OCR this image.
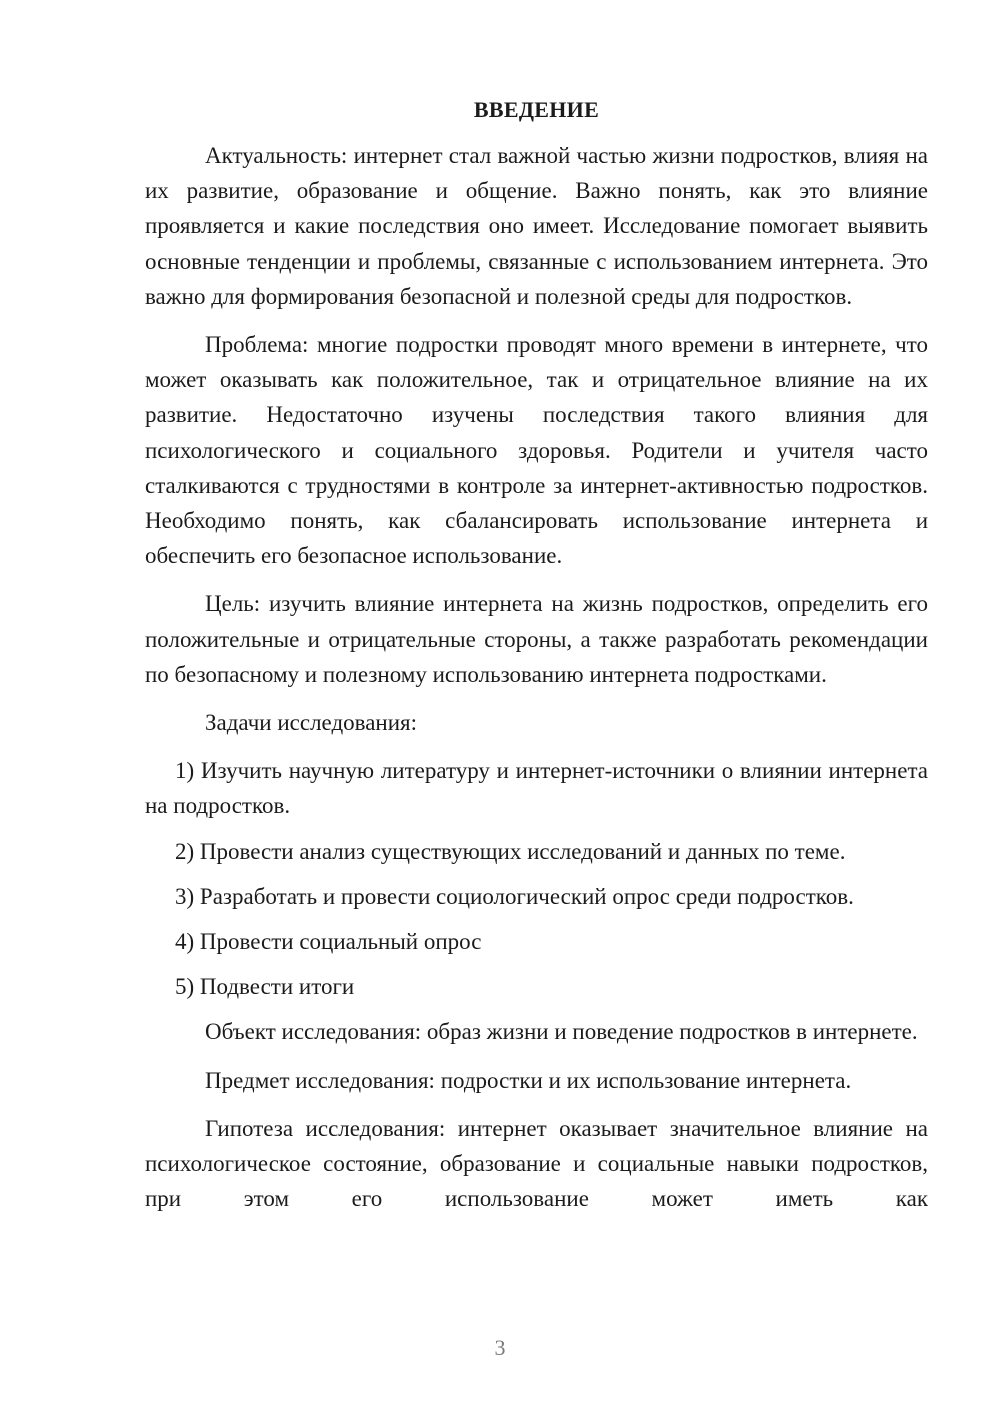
ВВЕДЕНИЕ

Актуальность: интернет стал важной частью жизни подростков, влияя на их развитие, образование и общение. Важно понять, как это влияние проявляется и какие последствия оно имеет. Исследование помогает выявить основные тенденции и проблемы, связанные с использованием интернета. Это важно для формирования безопасной и полезной среды для подростков.

Проблема: многие подростки проводят много времени в интернете, что может оказывать как положительное, так и отрицательное влияние на их развитие. Недостаточно изучены последствия такого влияния для психологического и социального здоровья. Родители и учителя часто сталкиваются с трудностями в контроле за интернет-активностью подростков. Необходимо понять, как сбалансировать использование интернета и обеспечить его безопасное использование.

Цель: изучить влияние интернета на жизнь подростков, определить его положительные и отрицательные стороны, а также разработать рекомендации по безопасному и полезному использованию интернета подростками.

Задачи исследования:

1) Изучить научную литературу и интернет-источники о влиянии интернета на подростков.

2) Провести анализ существующих исследований и данных по теме.

3) Разработать и провести социологический опрос среди подростков.

4) Провести социальный опрос

5) Подвести итоги

Объект исследования: образ жизни и поведение подростков в интернете.

Предмет исследования: подростки и их использование интернета.

Гипотеза исследования: интернет оказывает значительное влияние на психологическое состояние, образование и социальные навыки подростков, при этом его использование может иметь как

3
